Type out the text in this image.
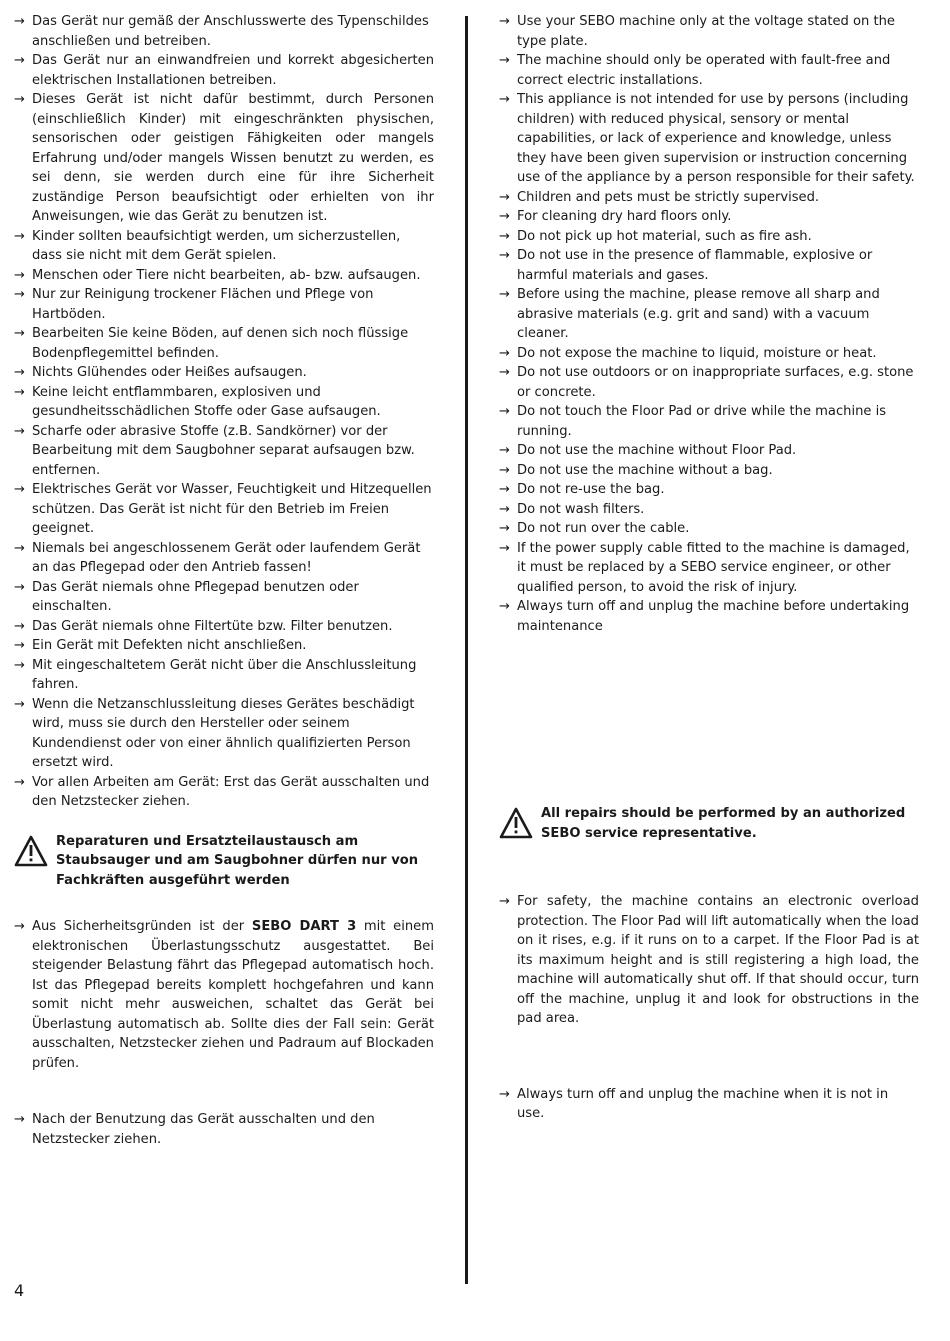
→ Das Gerät nur gemäß der Anschlusswerte des Typenschildes anschließen und betreiben.
→ Das Gerät nur an einwandfreien und korrekt abgesicherten elektrischen Installationen betreiben.
→ Dieses Gerät ist nicht dafür bestimmt, durch Personen (einschließlich Kinder) mit eingeschränkten physischen, sensorischen oder geistigen Fähigkeiten oder mangels Erfahrung und/oder mangels Wissen benutzt zu werden, es sei denn, sie werden durch eine für ihre Sicherheit zuständige Person beaufsichtigt oder erhielten von ihr Anweisungen, wie das Gerät zu benutzen ist.
→ Kinder sollten beaufsichtigt werden, um sicherzustellen, dass sie nicht mit dem Gerät spielen.
→ Menschen oder Tiere nicht bearbeiten, ab- bzw. aufsaugen.
→ Nur zur Reinigung trockener Flächen und Pflege von Hartböden.
→ Bearbeiten Sie keine Böden, auf denen sich noch flüssige Bodenpflegemittel befinden.
→ Nichts Glühendes oder Heißes aufsaugen.
→ Keine leicht entflammbaren, explosiven und gesundheitsschädlichen Stoffe oder Gase aufsaugen.
→ Scharfe oder abrasive Stoffe (z.B. Sandkörner) vor der Bearbeitung mit dem Saugbohner separat aufsaugen bzw. entfernen.
→ Elektrisches Gerät vor Wasser, Feuchtigkeit und Hitzequellen schützen. Das Gerät ist nicht für den Betrieb im Freien geeignet.
→ Niemals bei angeschlossenem Gerät oder laufendem Gerät an das Pflegepad oder den Antrieb fassen!
→ Das Gerät niemals ohne Pflegepad benutzen oder einschalten.
→ Das Gerät niemals ohne Filtertüte bzw. Filter benutzen.
→ Ein Gerät mit Defekten nicht anschließen.
→ Mit eingeschaltetem Gerät nicht über die Anschlussleitung fahren.
→ Wenn die Netzanschlussleitung dieses Gerätes beschädigt wird, muss sie durch den Hersteller oder seinem Kundendienst oder von einer ähnlich qualifizierten Person ersetzt wird.
→ Vor allen Arbeiten am Gerät: Erst das Gerät ausschalten und den Netzstecker ziehen.
Reparaturen und Ersatzteilaustausch am Staubsauger und am Saugbohner dürfen nur von Fachkräften ausgeführt werden
→ Aus Sicherheitsgründen ist der SEBO DART 3 mit einem elektronischen Überlastungsschutz ausgestattet. Bei steigender Belastung fährt das Pflegepad automatisch hoch. Ist das Pflegepad bereits komplett hochgefahren und kann somit nicht mehr ausweichen, schaltet das Gerät bei Überlastung automatisch ab. Sollte dies der Fall sein: Gerät ausschalten, Netzstecker ziehen und Padraum auf Blockaden prüfen.
→ Nach der Benutzung das Gerät ausschalten und den Netzstecker ziehen.
→ Use your SEBO machine only at the voltage stated on the type plate.
→ The machine should only be operated with fault-free and correct electric installations.
→ This appliance is not intended for use by persons (including children) with reduced physical, sensory or mental capabilities, or lack of experience and knowledge, unless they have been given supervision or instruction concerning use of the appliance by a person responsible for their safety.
→ Children and pets must be strictly supervised.
→ For cleaning dry hard floors only.
→ Do not pick up hot material, such as fire ash.
→ Do not use in the presence of flammable, explosive or harmful materials and gases.
→ Before using the machine, please remove all sharp and abrasive materials (e.g. grit and sand) with a vacuum cleaner.
→ Do not expose the machine to liquid, moisture or heat.
→ Do not use outdoors or on inappropriate surfaces, e.g. stone or concrete.
→ Do not touch the Floor Pad or drive while the machine is running.
→ Do not use the machine without Floor Pad.
→ Do not use the machine without a bag.
→ Do not re-use the bag.
→ Do not wash filters.
→ Do not run over the cable.
→ If the power supply cable fitted to the machine is damaged, it must be replaced by a SEBO service engineer, or other qualified person, to avoid the risk of injury.
→ Always turn off and unplug the machine before undertaking maintenance
All repairs should be performed by an authorized SEBO service representative.
→ For safety, the machine contains an electronic overload protection. The Floor Pad will lift automatically when the load on it rises, e.g. if it runs on to a carpet. If the Floor Pad is at its maximum height and is still registering a high load, the machine will automatically shut off. If that should occur, turn off the machine, unplug it and look for obstructions in the pad area.
→ Always turn off and unplug the machine when it is not in use.
4
